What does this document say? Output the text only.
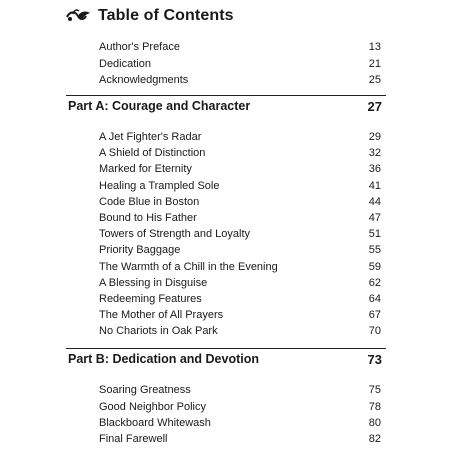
Table of Contents
Author's Preface	13
Dedication	21
Acknowledgments	25
Part A: Courage and Character	27
A Jet Fighter's Radar	29
A Shield of Distinction	32
Marked for Eternity	36
Healing a Trampled Sole	41
Code Blue in Boston	44
Bound to His Father	47
Towers of Strength and Loyalty	51
Priority Baggage	55
The Warmth of a Chill in the Evening	59
A Blessing in Disguise	62
Redeeming Features	64
The Mother of All Prayers	67
No Chariots in Oak Park	70
Part B: Dedication and Devotion	73
Soaring Greatness	75
Good Neighbor Policy	78
Blackboard Whitewash	80
Final Farewell	82
